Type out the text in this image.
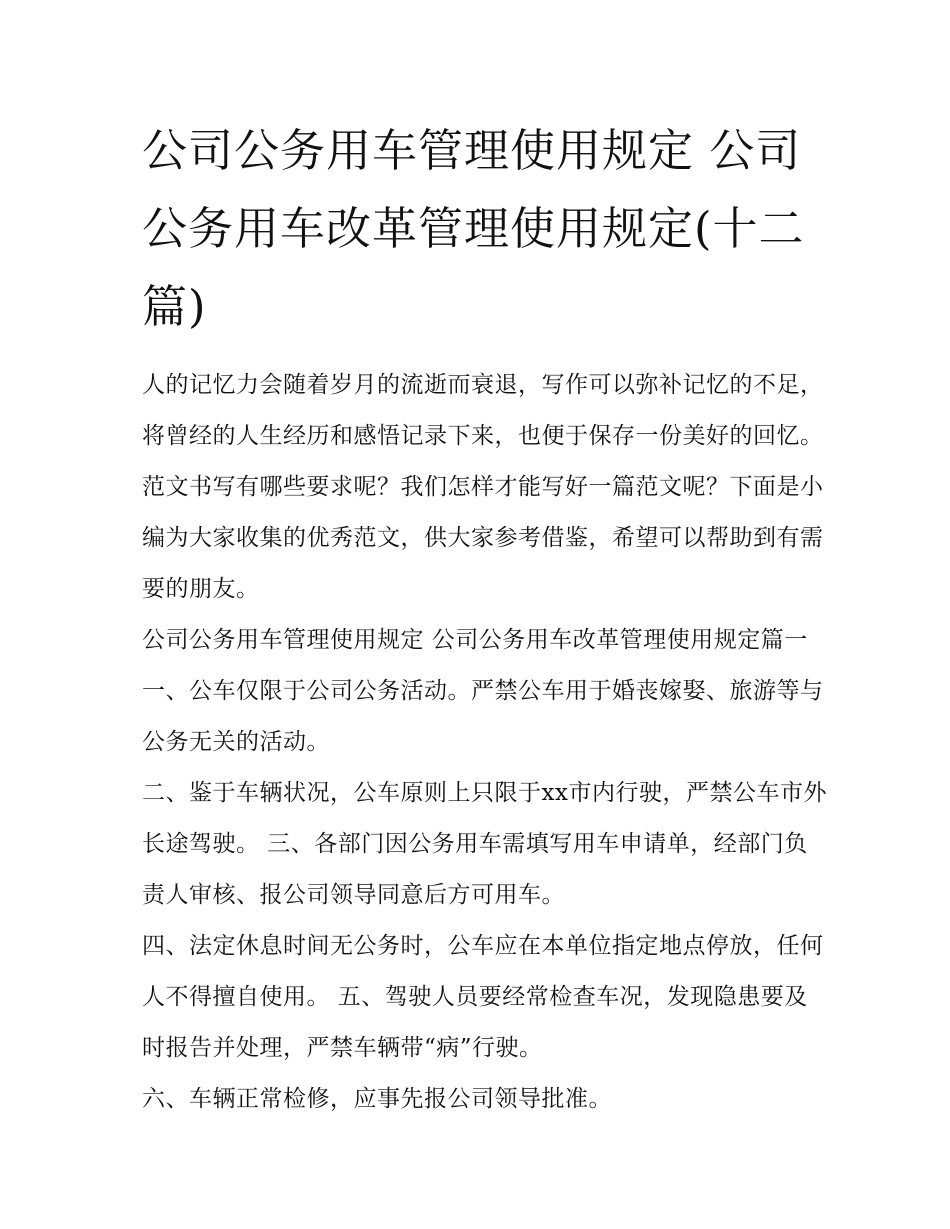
公司公务用车管理使用规定 公司公务用车改革管理使用规定(十二篇)

人的记忆力会随着岁月的流逝而衰退，写作可以弥补记忆的不足，将曾经的人生经历和感悟记录下来，也便于保存一份美好的回忆。范文书写有哪些要求呢？我们怎样才能写好一篇范文呢？下面是小编为大家收集的优秀范文，供大家参考借鉴，希望可以帮助到有需要的朋友。

公司公务用车管理使用规定 公司公务用车改革管理使用规定篇一 一、公车仅限于公司公务活动。严禁公车用于婚丧嫁娶、旅游等与公务无关的活动。

二、鉴于车辆状况，公车原则上只限于xx市内行驶，严禁公车市外长途驾驶。 三、各部门因公务用车需填写用车申请单，经部门负责人审核、报公司领导同意后方可用车。

四、法定休息时间无公务时，公车应在本单位指定地点停放，任何人不得擅自使用。 五、驾驶人员要经常检查车况，发现隐患要及时报告并处理，严禁车辆带“病”行驶。

六、车辆正常检修，应事先报公司领导批准。
